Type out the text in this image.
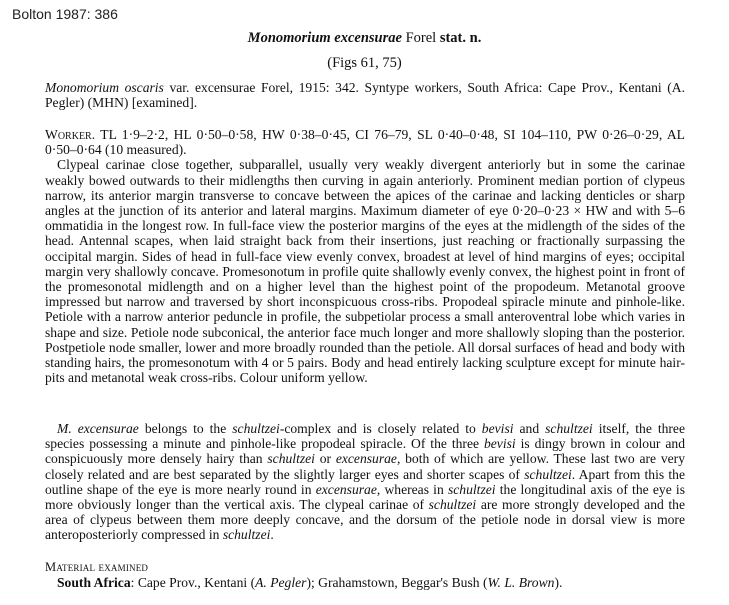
Bolton 1987: 386
Monomorium excensurae Forel stat. n.
(Figs 61, 75)

Monomorium oscaris var. excensurae Forel, 1915: 342. Syntype workers, South Africa: Cape Prov., Kentani (A. Pegler) (MHN) [examined].

Worker. TL 1·9–2·2, HL 0·50–0·58, HW 0·38–0·45, CI 76–79, SL 0·40–0·48, SI 104–110, PW 0·26–0·29, AL 0·50–0·64 (10 measured).
Clypeal carinae close together, subparallel, usually very weakly divergent anteriorly but in some the carinae weakly bowed outwards to their midlengths then curving in again anteriorly. Prominent median portion of clypeus narrow, its anterior margin transverse to concave between the apices of the carinae and lacking denticles or sharp angles at the junction of its anterior and lateral margins. Maximum diameter of eye 0·20–0·23 × HW and with 5–6 ommatidia in the longest row. In full-face view the posterior margins of the eyes at the midlength of the sides of the head. Antennal scapes, when laid straight back from their insertions, just reaching or fractionally surpassing the occipital margin. Sides of head in full-face view evenly convex, broadest at level of hind margins of eyes; occipital margin very shallowly concave. Promesonotum in profile quite shallowly evenly convex, the highest point in front of the promesonotal midlength and on a higher level than the highest point of the propodeum. Metanotal groove impressed but narrow and traversed by short inconspicuous cross-ribs. Propodeal spiracle minute and pinhole-like. Petiole with a narrow anterior peduncle in profile, the subpetiolar process a small anteroventral lobe which varies in shape and size. Petiole node subconical, the anterior face much longer and more shallowly sloping than the posterior. Postpetiole node smaller, lower and more broadly rounded than the petiole. All dorsal surfaces of head and body with standing hairs, the promesonotum with 4 or 5 pairs. Body and head entirely lacking sculpture except for minute hair-pits and metanotal weak cross-ribs. Colour uniform yellow.

M. excensurae belongs to the schultzei-complex and is closely related to bevisi and schultzei itself, the three species possessing a minute and pinhole-like propodeal spiracle. Of the three bevisi is dingy brown in colour and conspicuously more densely hairy than schultzei or excensurae, both of which are yellow. These last two are very closely related and are best separated by the slightly larger eyes and shorter scapes of schultzei. Apart from this the outline shape of the eye is more nearly round in excensurae, whereas in schultzei the longitudinal axis of the eye is more obviously longer than the vertical axis. The clypeal carinae of schultzei are more strongly developed and the area of clypeus between them more deeply concave, and the dorsum of the petiole node in dorsal view is more anteroposteriorly compressed in schultzei.

Material examined
South Africa: Cape Prov., Kentani (A. Pegler); Grahamstown, Beggar's Bush (W. L. Brown).
